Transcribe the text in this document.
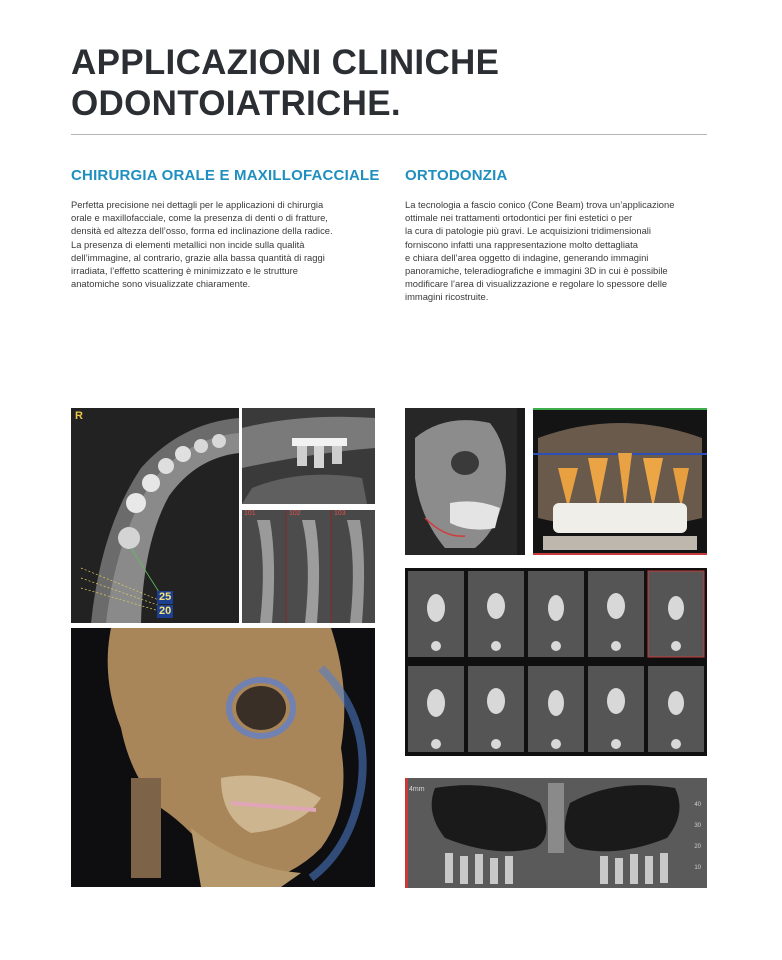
APPLICAZIONI CLINICHE
ODONTOIATRICHE.
CHIRURGIA ORALE E MAXILLOFACCIALE
Perfetta precisione nei dettagli per le applicazioni di chirurgia
orale e maxillofacciale, come la presenza di denti o di fratture,
densità ed altezza dell’osso, forma ed inclinazione della radice.
La presenza di elementi metallici non incide sulla qualità
dell’immagine, al contrario, grazie alla bassa quantità di raggi
irradiata, l’effetto scattering è minimizzato e le strutture
anatomiche sono visualizzate chiaramente.
ORTODONZIA
La tecnologia a fascio conico (Cone Beam) trova un’applicazione
ottimale nei trattamenti ortodontici per fini estetici o per
la cura di patologie più gravi. Le acquisizioni tridimensionali
forniscono infatti una rappresentazione molto dettagliata
e chiara dell’area oggetto di indagine, generando immagini
panoramiche, teleradiografiche e immagini 3D in cui è possibile
modificare l’area di visualizzazione e regolare lo spessore delle
immagini ricostruite.
R
25
20
101	102	103
4mm
40
30
20
10
